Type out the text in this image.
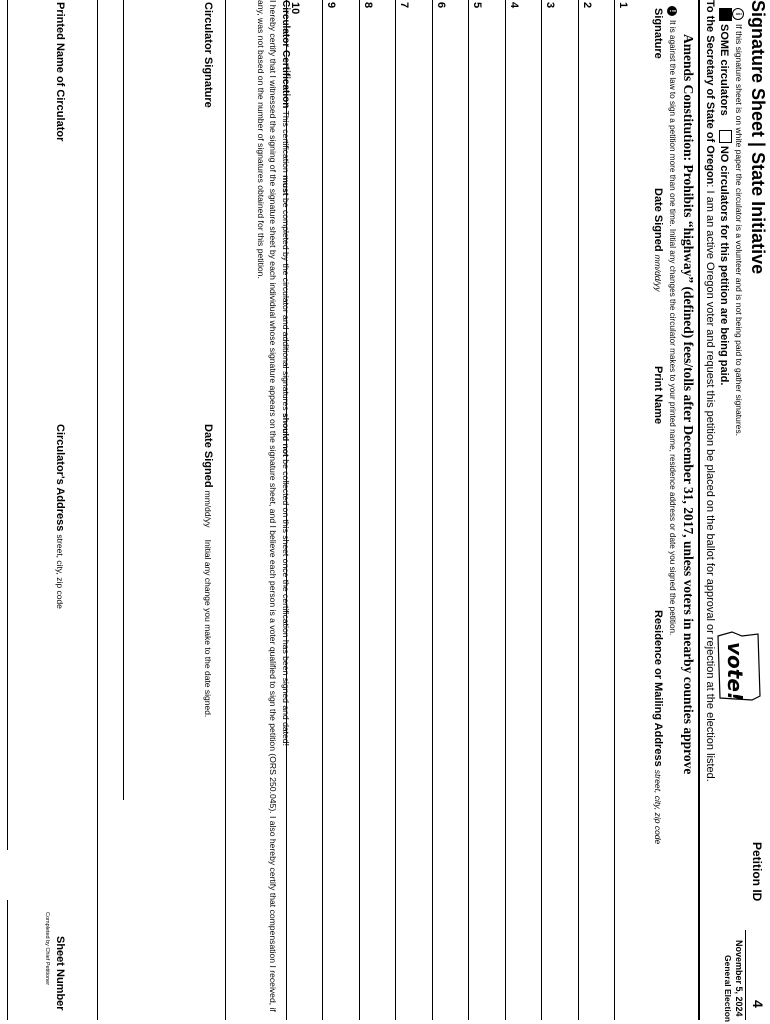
Signature Sheet | State Initiative
iIf this signature sheet is on white paper the circulator is a volunteer and is not being paid to gather signatures.
SOME circulators  NO circulators for this petition are being paid.
vote!
Petition ID
4
November 5, 2024
General Election
To the Secretary of State of Oregon: I am an active Oregon voter and request this petition be placed on the ballot for approval or rejection at the election listed.
Amends Constitution: Prohibits “highway” (defined) fees/tolls after December 31, 2017, unless voters in nearby counties approve
!It is against the law to sign a petition more than one time. Initial any changes the circulator makes to your printed name, residence address or date you signed the petition.
Signature
Date Signed mm/dd/yy
Print Name
Residence or Mailing Address street, city, zip code
1
2
3
4
5
6
7
8
9
10
Circulator Certification This certification must be completed by the circulator and additional signatures should not be collected on this sheet once the certification has been signed and dated!
I hereby certify that I witnessed the signing of the signature sheet by each individual whose signature appears on the signature sheet, and I believe each person is a voter qualified to sign the petition (ORS 250.045). I also hereby certify that compensation I received, if any, was not based on the number of signatures obtained for this petition.
Circulator Signature
Date Signed mm/dd/yy  Initial any change you make to the date signed.
Printed Name of Circulator
Circulator's Address street, city, zip code
Sheet Number
Completed by Chief Petitioner
